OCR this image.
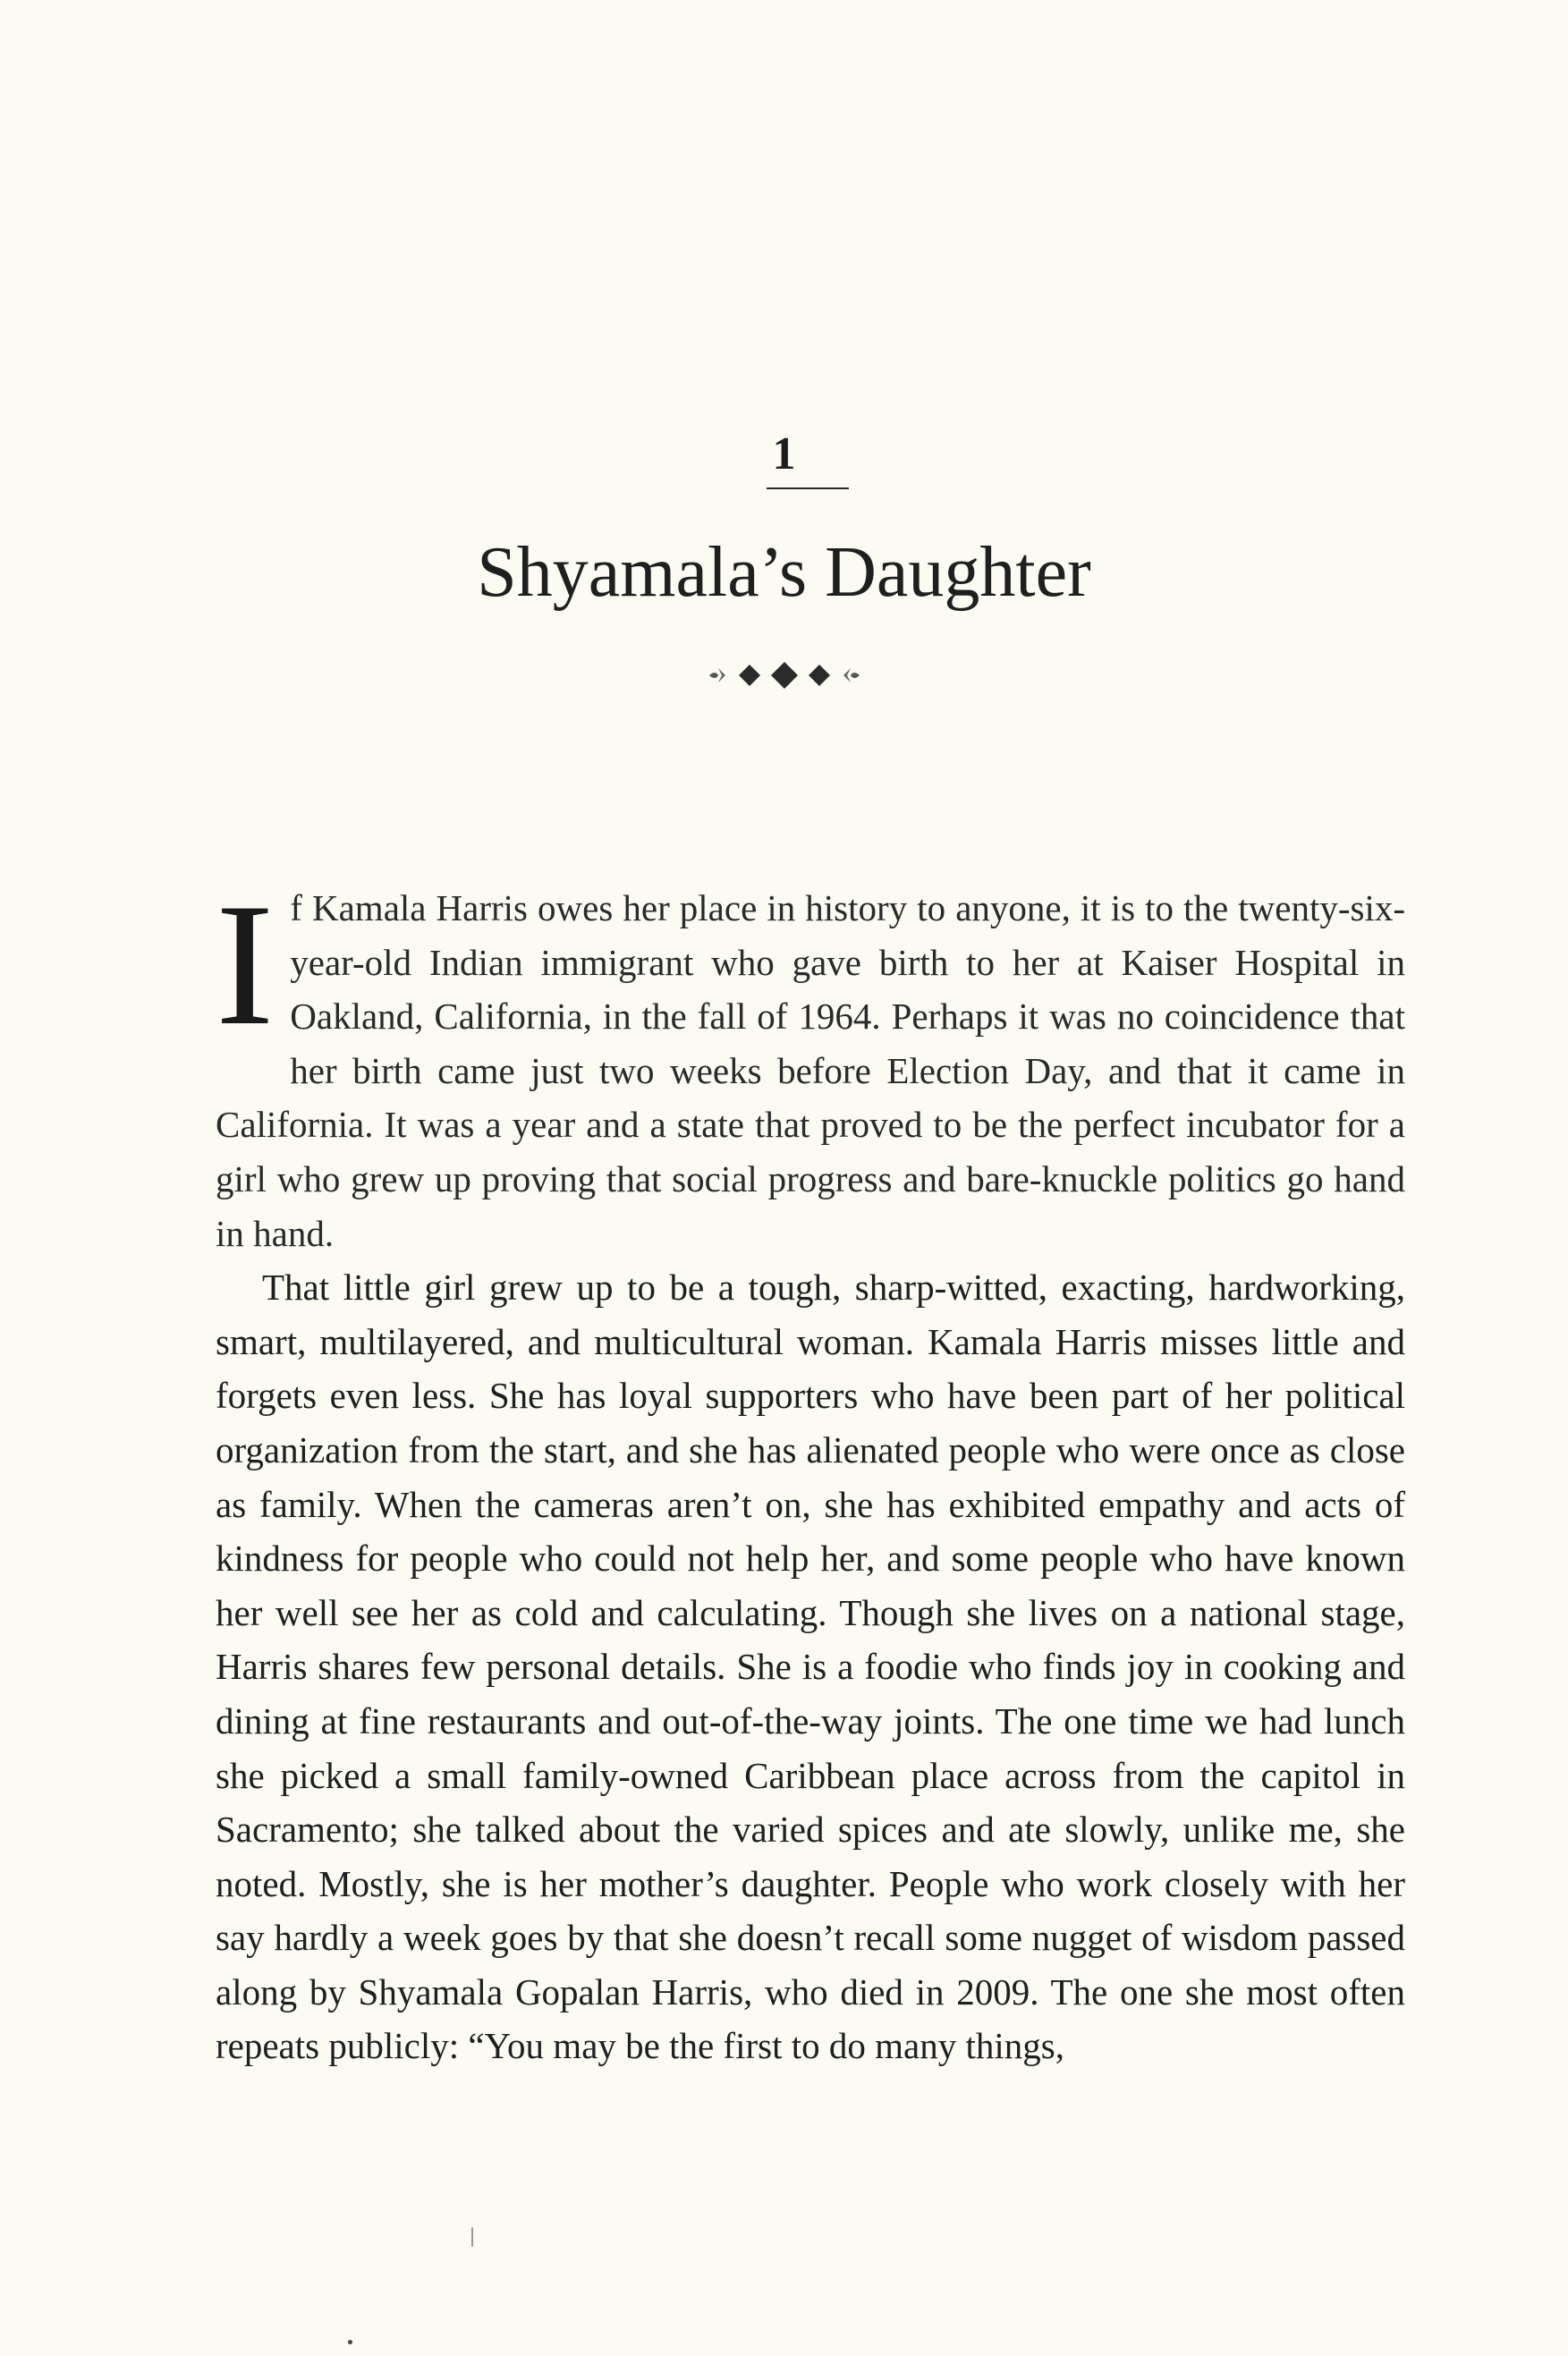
1
Shyamala’s Daughter

If Kamala Harris owes her place in history to anyone, it is to the twenty-six-year-old Indian immigrant who gave birth to her at Kaiser Hospital in Oakland, California, in the fall of 1964. Perhaps it was no coincidence that her birth came just two weeks before Election Day, and that it came in California. It was a year and a state that proved to be the perfect incubator for a girl who grew up proving that social progress and bare-knuckle politics go hand in hand.

That little girl grew up to be a tough, sharp-witted, exacting, hardworking, smart, multilayered, and multicultural woman. Kamala Harris misses little and forgets even less. She has loyal supporters who have been part of her political organization from the start, and she has alienated people who were once as close as family. When the cameras aren’t on, she has exhibited empathy and acts of kindness for people who could not help her, and some people who have known her well see her as cold and calculating. Though she lives on a national stage, Harris shares few personal details. She is a foodie who finds joy in cooking and dining at fine restaurants and out-of-the-way joints. The one time we had lunch she picked a small family-owned Caribbean place across from the capitol in Sacramento; she talked about the varied spices and ate slowly, unlike me, she noted. Mostly, she is her mother’s daughter. People who work closely with her say hardly a week goes by that she doesn’t recall some nugget of wisdom passed along by Shyamala Gopalan Harris, who died in 2009. The one she most often repeats publicly: “You may be the first to do many things,
